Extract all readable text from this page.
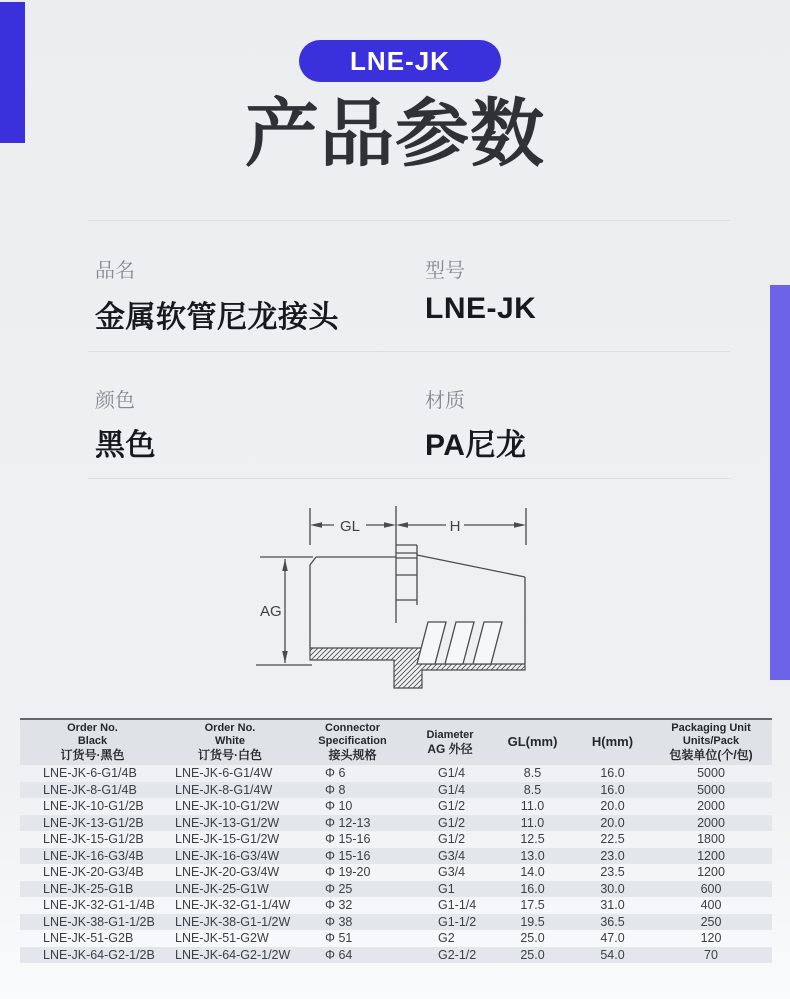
LNE-JK
产品参数
品名
金属软管尼龙接头
型号
LNE-JK
颜色
黑色
材质
PA尼龙
GL	H
AG
Order No.
Black
订货号·黑色
Order No.
White
订货号·白色
Connector Specification
接头规格
Diameter
AG 外径	GL(mm)	H(mm)
Packaging Unit
Units/Pack
包装单位(个/包)
LNE-JK-6-G1/4B	LNE-JK-6-G1/4W	Φ 6	G1/4	8.5	16.0	5000
LNE-JK-8-G1/4B	LNE-JK-8-G1/4W	Φ 8	G1/4	8.5	16.0	5000
LNE-JK-10-G1/2B	LNE-JK-10-G1/2W	Φ 10	G1/2	11.0	20.0	2000
LNE-JK-13-G1/2B	LNE-JK-13-G1/2W	Φ 12-13	G1/2	11.0	20.0	2000
LNE-JK-15-G1/2B	LNE-JK-15-G1/2W	Φ 15-16	G1/2	12.5	22.5	1800
LNE-JK-16-G3/4B	LNE-JK-16-G3/4W	Φ 15-16	G3/4	13.0	23.0	1200
LNE-JK-20-G3/4B	LNE-JK-20-G3/4W	Φ 19-20	G3/4	14.0	23.5	1200
LNE-JK-25-G1B	LNE-JK-25-G1W	Φ 25	G1	16.0	30.0	600
LNE-JK-32-G1-1/4B	LNE-JK-32-G1-1/4W	Φ 32	G1-1/4	17.5	31.0	400
LNE-JK-38-G1-1/2B	LNE-JK-38-G1-1/2W	Φ 38	G1-1/2	19.5	36.5	250
LNE-JK-51-G2B	LNE-JK-51-G2W	Φ 51	G2	25.0	47.0	120
LNE-JK-64-G2-1/2B	LNE-JK-64-G2-1/2W	Φ 64	G2-1/2	25.0	54.0	70
